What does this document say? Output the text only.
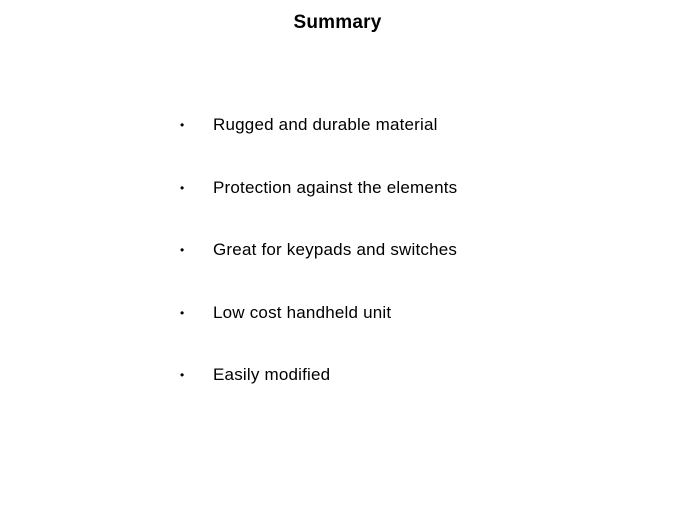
Summary
•	Rugged and durable material
•	Protection against the elements
•	Great for keypads and switches
•	Low cost handheld unit
•	Easily modified
